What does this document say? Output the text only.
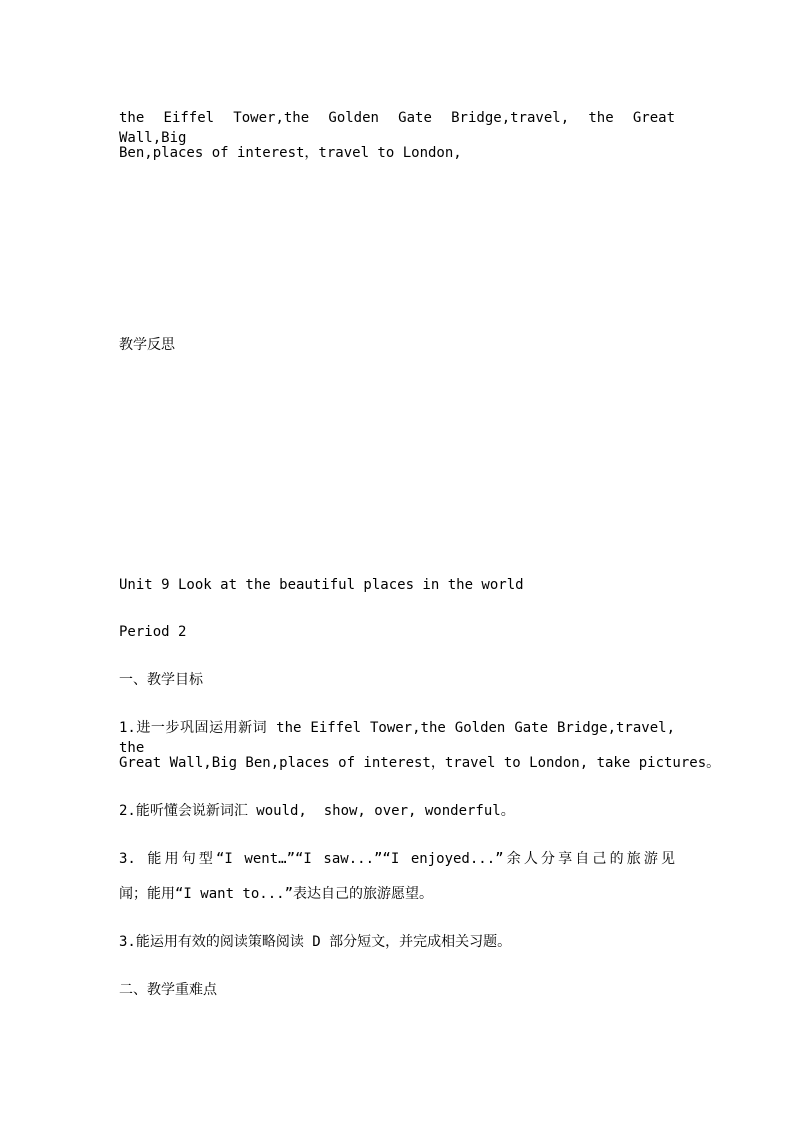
the Eiffel Tower,the Golden Gate Bridge,travel, the Great Wall,Big
Ben,places of interest，travel to London,
教学反思
Unit 9 Look at the beautiful places in the world
Period 2
一、教学目标
1.进一步巩固运用新词 the Eiffel Tower,the Golden Gate Bridge,travel, the
Great Wall,Big Ben,places of interest，travel to London, take pictures。
2.能听懂会说新词汇 would,  show, over, wonderful。
3. 能用句型“I went…”“I saw...”“I enjoyed...”余人分享自己的旅游见
闻；能用“I want to...”表达自己的旅游愿望。
3.能运用有效的阅读策略阅读 D 部分短文，并完成相关习题。
二、教学重难点
